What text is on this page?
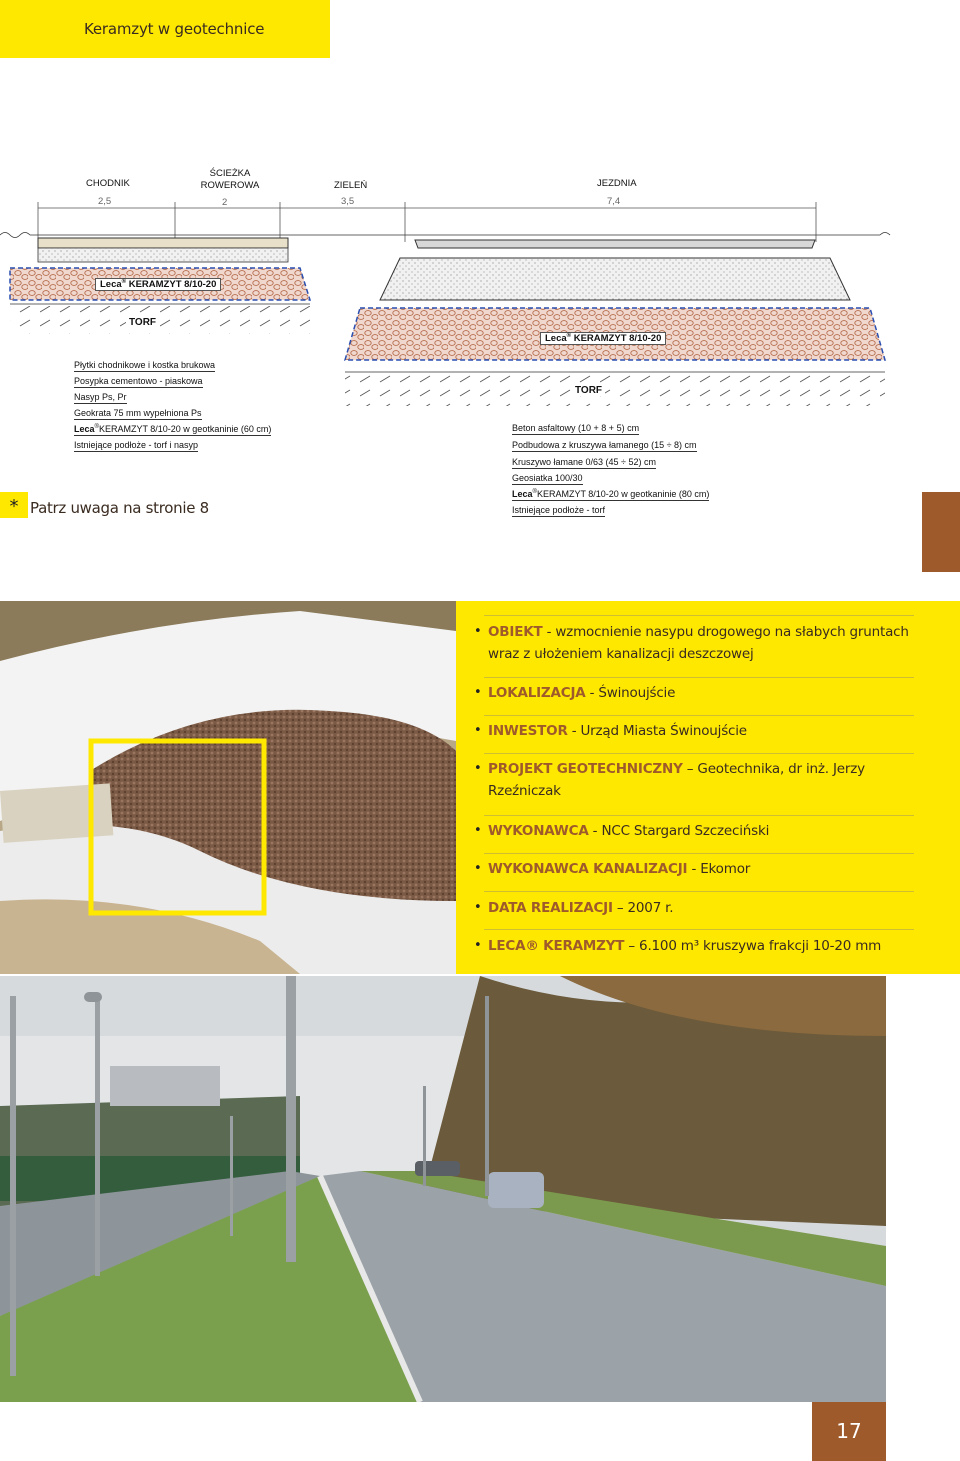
Keramzyt w geotechnice
CHODNIK
ŚCIEŻKA
ROWEROWA	ZIELEŃ	JEZDNIA
2,5	2	3,5	7,4
Leca® KERAMZYT 8/10-20
TORF
Leca® KERAMZYT 8/10-20
TORF
Płytki chodnikowe i kostka brukowa
Posypka cementowo - piaskowa
Nasyp Ps, Pr
Geokrata 75 mm wypełniona Ps
Leca®KERAMZYT 8/10-20 w geotkaninie (60 cm)
Istniejące podłoże - torf i nasyp
Beton asfaltowy (10 + 8 + 5) cm
Podbudowa z kruszywa łamanego (15 ÷ 8) cm
Kruszywo łamane 0/63 (45 ÷ 52) cm
Geosiatka 100/30
Leca®KERAMZYT 8/10-20 w geotkaninie (80 cm)
Istniejące podłoże - torf
* Patrz uwaga na stronie 8
• OBIEKT - wzmocnienie nasypu drogowego na słabych gruntach wraz z ułożeniem kanalizacji deszczowej
• LOKALIZACJA - Świnoujście
• INWESTOR - Urząd Miasta Świnoujście
• PROJEKT GEOTECHNICZNY – Geotechnika, dr inż. Jerzy Rzeźniczak
• WYKONAWCA - NCC Stargard Szczeciński
• WYKONAWCA KANALIZACJI - Ekomor
• DATA REALIZACJI – 2007 r.
• LECA® KERAMZYT – 6.100 m³ kruszywa frakcji 10-20 mm
17
